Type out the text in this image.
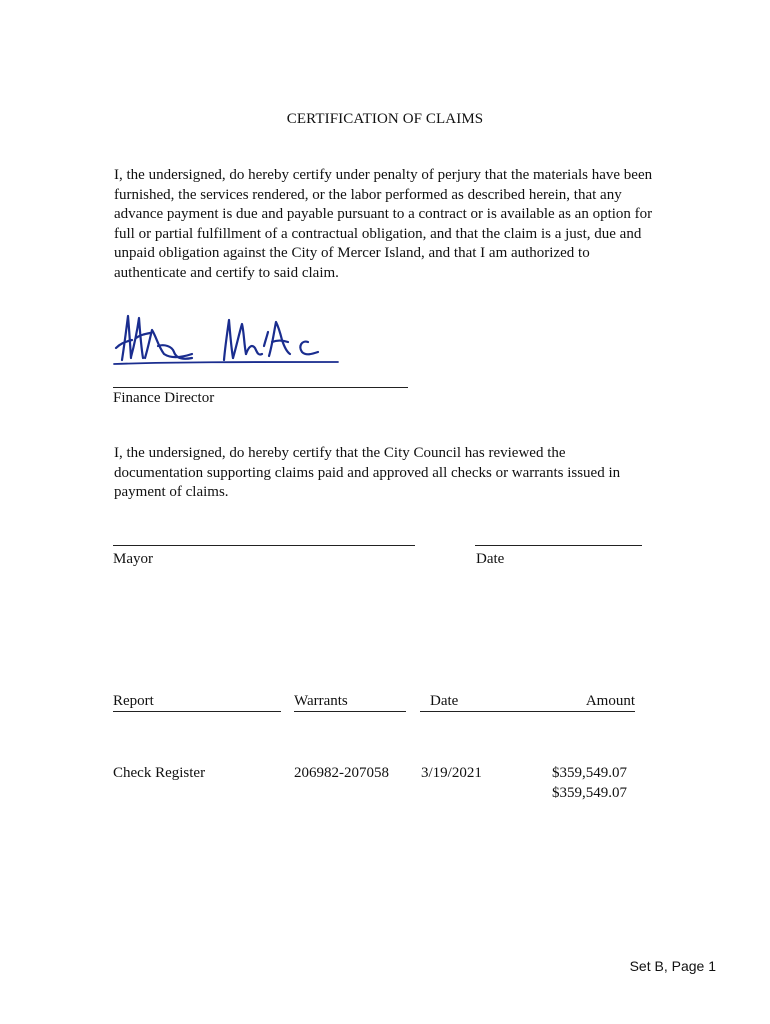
CERTIFICATION OF CLAIMS
I, the undersigned, do hereby certify under penalty of perjury that the materials have been
furnished, the services rendered, or the labor performed as described herein, that any
advance payment is due and payable pursuant to a contract or is available as an option for
full or partial fulfillment of a contractual obligation, and that the claim is a just, due and
unpaid obligation against the City of Mercer Island, and that I am authorized to
authenticate and certify to said claim.
Finance Director
I, the undersigned, do hereby certify that the City Council has reviewed the
documentation supporting claims paid and approved all checks or warrants issued in
payment of claims.
Mayor	Date
Report	Warrants	Date	Amount
Check Register	206982-207058 3/19/2021	$359,549.07
$359,549.07
Set B, Page 1
